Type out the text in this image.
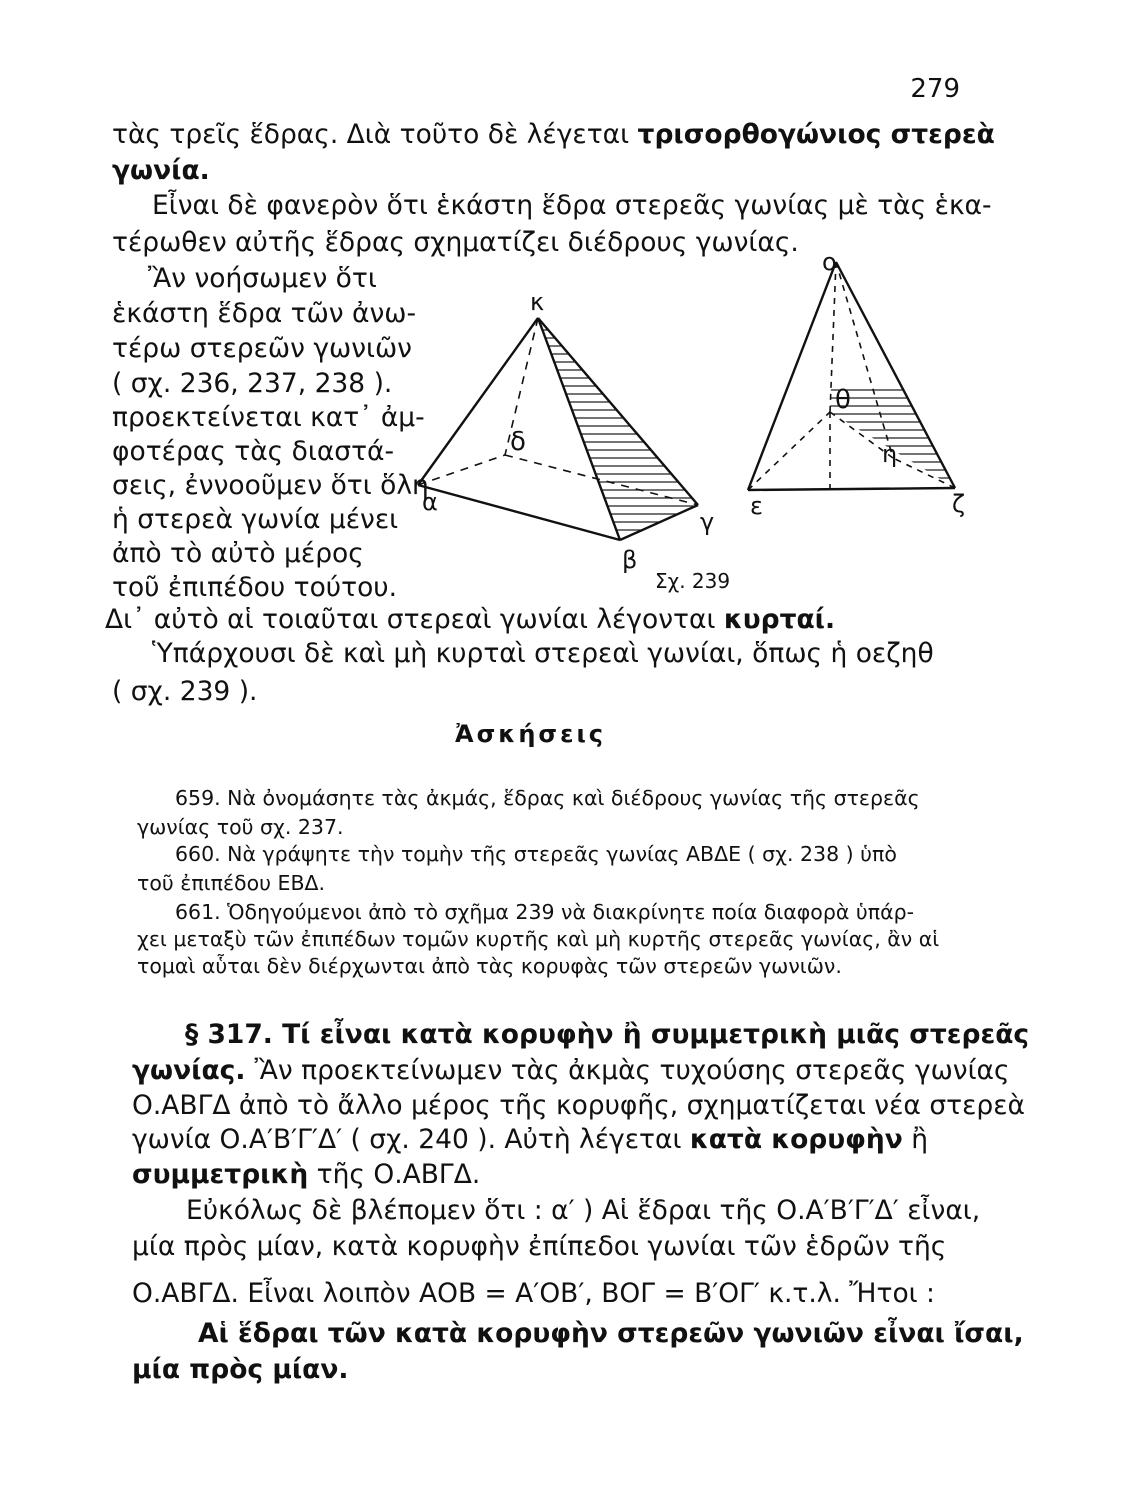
279
τὰς τρεῖς ἕδρας. Διὰ τοῦτο δὲ λέγεται τρισορθογώνιος στερεὰ
γωνία.
Εἶναι δὲ φανερὸν ὅτι ἑκάστη ἕδρα στερεᾶς γωνίας μὲ τὰς ἑκα-
τέρωθεν αὐτῆς ἕδρας σχηματίζει διέδρους γωνίας.
Ἂν νοήσωμεν ὅτι
ἑκάστη ἕδρα τῶν ἀνω-
τέρω στερεῶν γωνιῶν
( σχ. 236, 237, 238 ).
προεκτείνεται κατ᾽ ἀμ-
φοτέρας τὰς διαστά-
σεις, ἐννοοῦμεν ὅτι ὅλη
ἡ στερεὰ γωνία μένει
ἀπὸ τὸ αὐτὸ μέρος
τοῦ ἐπιπέδου τούτου.
κ
δ
α
β
γ
ο
θ
η
ε	ζ
Σχ. 239
Δι᾽ αὐτὸ αἱ τοιαῦται στερεαὶ γωνίαι λέγονται κυρταί.
Ὑπάρχουσι δὲ καὶ μὴ κυρταὶ στερεαὶ γωνίαι, ὅπως ἡ οεζηθ
( σχ. 239 ).
Ἀσκήσεις
659. Νὰ ὀνομάσητε τὰς ἀκμάς, ἕδρας καὶ διέδρους γωνίας τῆς στερεᾶς
γωνίας τοῦ σχ. 237.
660. Νὰ γράψητε τὴν τομὴν τῆς στερεᾶς γωνίας ΑΒΔΕ ( σχ. 238 ) ὑπὸ
τοῦ ἐπιπέδου ΕΒΔ.
661. Ὁδηγούμενοι ἀπὸ τὸ σχῆμα 239 νὰ διακρίνητε ποία διαφορὰ ὑπάρ-
χει μεταξὺ τῶν ἐπιπέδων τομῶν κυρτῆς καὶ μὴ κυρτῆς στερεᾶς γωνίας, ἂν αἱ
τομαὶ αὗται δὲν διέρχωνται ἀπὸ τὰς κορυφὰς τῶν στερεῶν γωνιῶν.
§ 317. Τί εἶναι κατὰ κορυφὴν ἢ συμμετρικὴ μιᾶς στερεᾶς
γωνίας. Ἂν προεκτείνωμεν τὰς ἀκμὰς τυχούσης στερεᾶς γωνίας
Ο.ΑΒΓΔ ἀπὸ τὸ ἄλλο μέρος τῆς κορυφῆς, σχηματίζεται νέα στερεὰ
γωνία Ο.Α′Β′Γ′Δ′ ( σχ. 240 ). Αὐτὴ λέγεται κατὰ κορυφὴν ἢ
συμμετρικὴ τῆς Ο.ΑΒΓΔ.
Εὐκόλως δὲ βλέπομεν ὅτι : α′ ) Αἱ ἕδραι τῆς Ο.Α′Β′Γ′Δ′ εἶναι,
μία πρὸς μίαν, κατὰ κορυφὴν ἐπίπεδοι γωνίαι τῶν ἑδρῶν τῆς
Ο.ΑΒΓΔ. Εἶναι λοιπὸν ΑΟΒ = Α′ΟΒ′, ΒΟΓ = Β′ΟΓ′ κ.τ.λ. Ἤτοι :
Αἱ ἕδραι τῶν κατὰ κορυφὴν στερεῶν γωνιῶν εἶναι ἴσαι,
μία πρὸς μίαν.
